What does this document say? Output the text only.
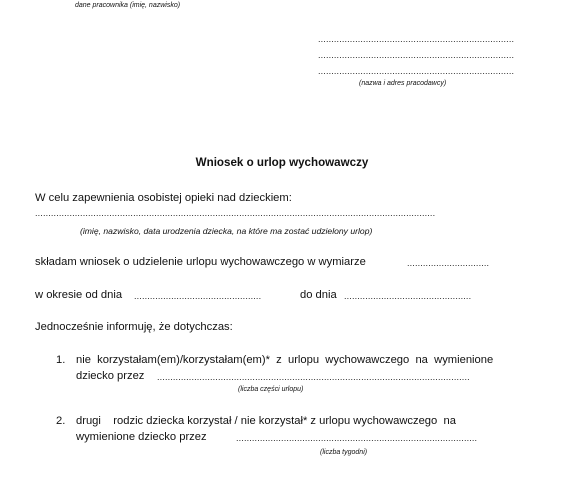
dane pracownika (imię, nazwisko)
..........................................................................
..........................................................................
..........................................................................
(nazwa i adres pracodawcy)
Wniosek o urlop wychowawczy
W celu zapewnienia osobistej opieki nad dzieckiem:
.......................................................................................................................................................
(imię, nazwisko, data urodzenia dziecka, na które ma zostać udzielony urlop)
składam wniosek o udzielenie urlopu wychowawczego w wymiarze	...............................
w okresie od dnia ................................................	do dnia ................................................
Jednocześnie informuję, że dotychczas:
1. nie  korzystałam(em)/korzystałam(em)*  z  urlopu  wychowawczego  na  wymienione
dziecko przez ......................................................................................................................
(liczba części urlopu)
2. drugi    rodzic dziecka korzystał / nie korzystał* z urlopu wychowawczego  na
wymienione dziecko przez	...........................................................................................
(liczba tygodni)
